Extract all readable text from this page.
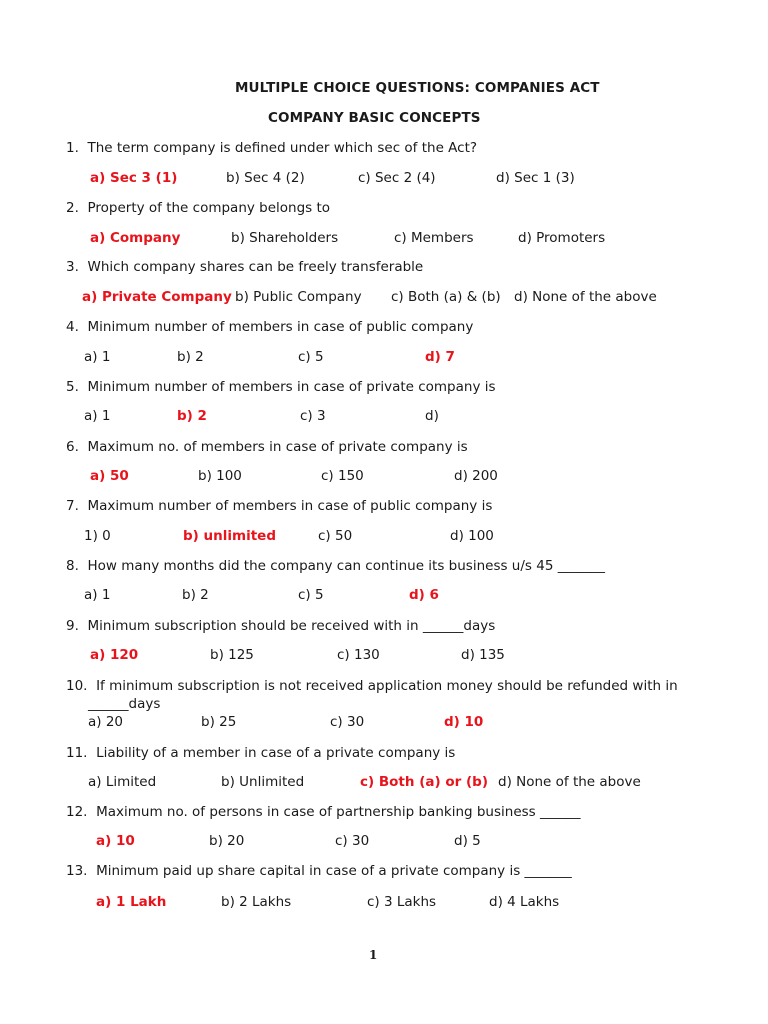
MULTIPLE CHOICE QUESTIONS: COMPANIES ACT
COMPANY BASIC CONCEPTS
1. The term company is defined under which sec of the Act?
a) Sec 3 (1)	b) Sec 4 (2)	c) Sec 2 (4)	d) Sec 1 (3)
2. Property of the company belongs to
a) Company	b) Shareholders	c) Members	d) Promoters
3. Which company shares can be freely transferable
a) Private Company b) Public Company c) Both (a) & (b) d) None of the above
4. Minimum number of members in case of public company
a) 1	b) 2	c) 5	d) 7
5. Minimum number of members in case of private company is
a) 1	b) 2	c) 3	d)
6. Maximum no. of members in case of private company is
a) 50	b) 100	c) 150	d) 200
7. Maximum number of members in case of public company is
1) 0	b) unlimited	c) 50	d) 100
8. How many months did the company can continue its business u/s 45 _______
a) 1	b) 2	c) 5	d) 6
9. Minimum subscription should be received with in ______days
a) 120	b) 125	c) 130	d) 135
10. If minimum subscription is not received application money should be refunded with in
______days
a) 20	b) 25	c) 30	d) 10
11. Liability of a member in case of a private company is
a) Limited	b) Unlimited	c) Both (a) or (b) d) None of the above
12. Maximum no. of persons in case of partnership banking business ______
a) 10	b) 20	c) 30	d) 5
13. Minimum paid up share capital in case of a private company is _______
a) 1 Lakh	b) 2 Lakhs	c) 3 Lakhs	d) 4 Lakhs
1
